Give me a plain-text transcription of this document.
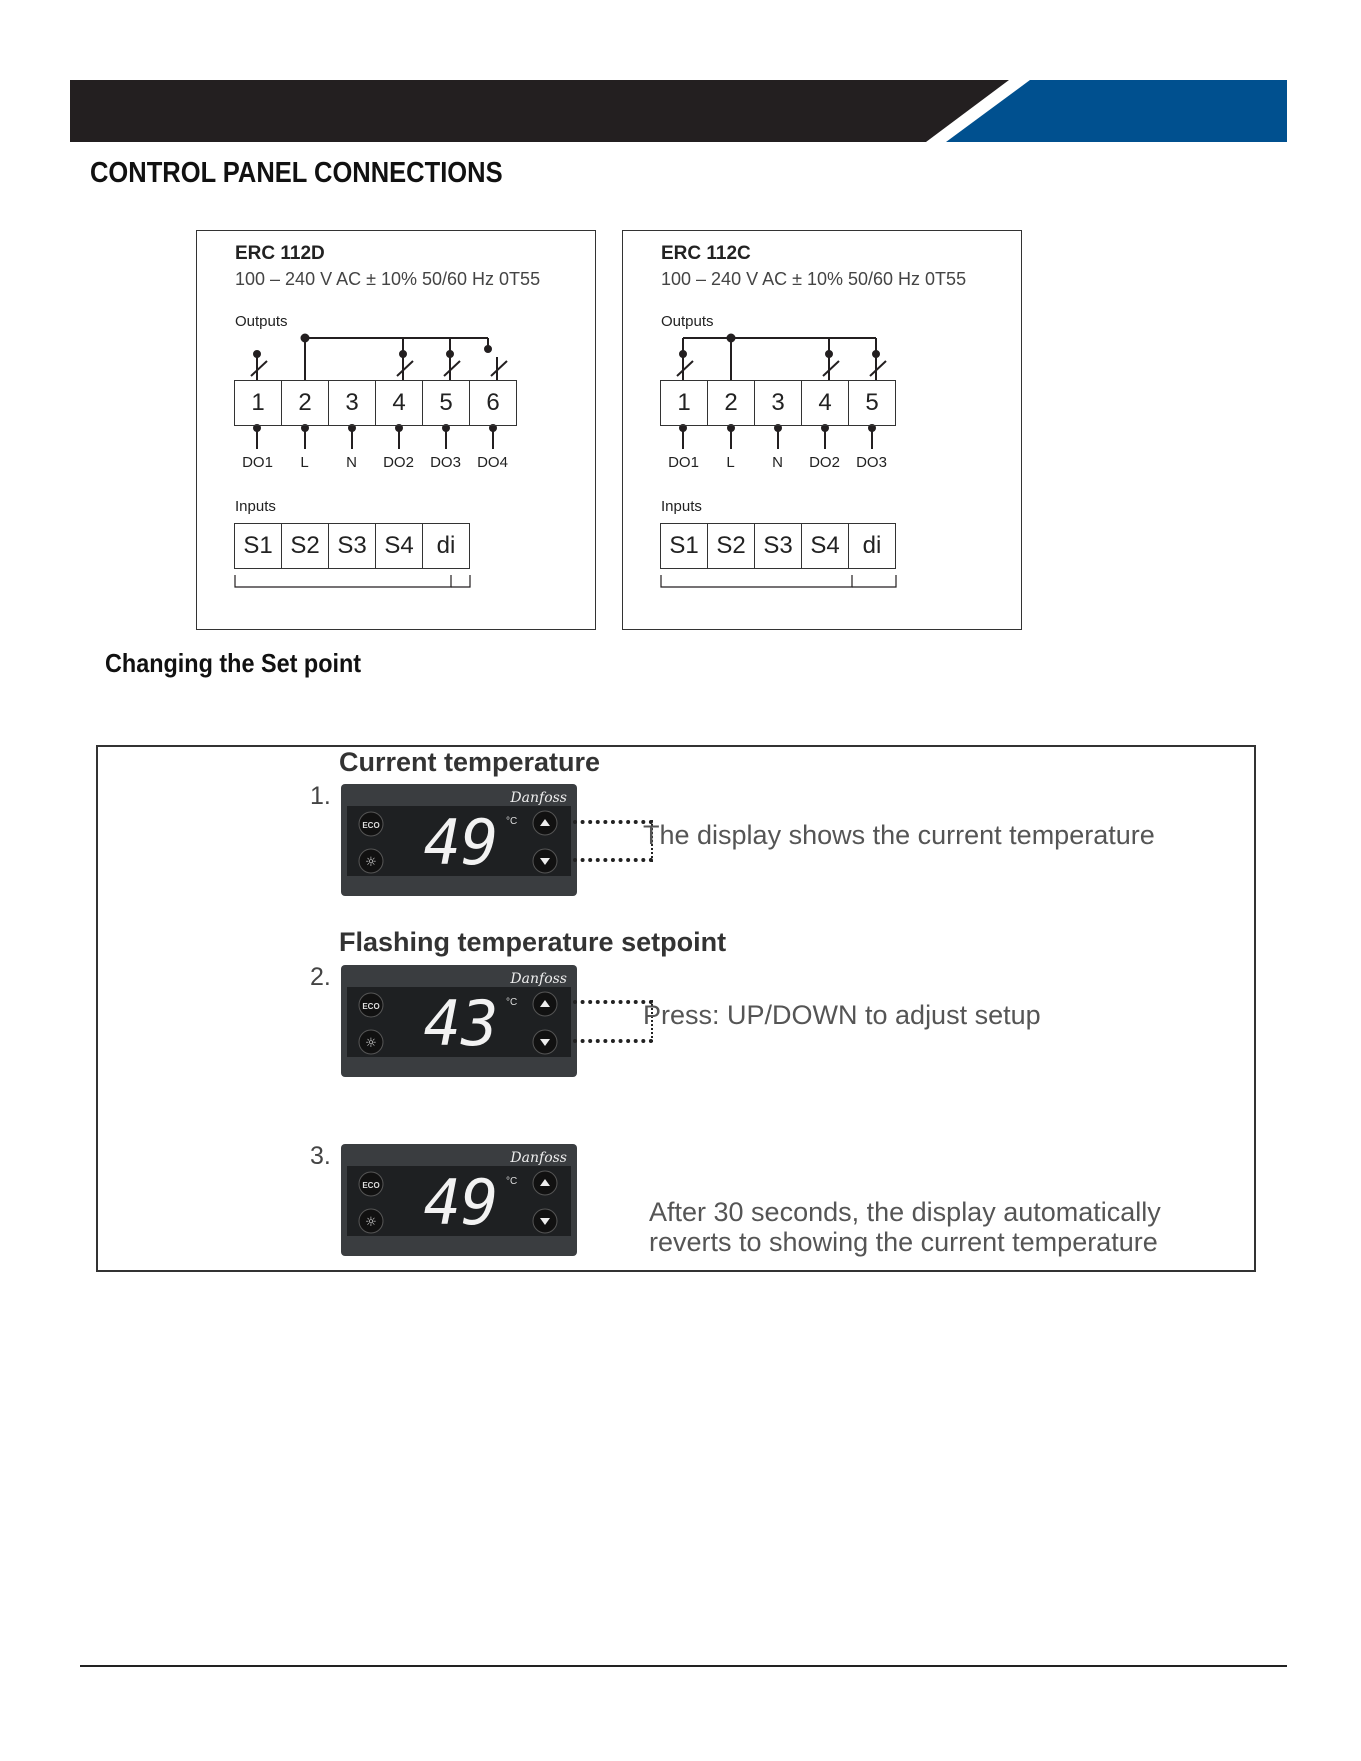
CONTROL PANEL CONNECTIONS
ERC 112D
100 – 240 V AC ± 10% 50/60 Hz 0T55
Outputs
1	2	3	4	5	6
DO1	L	N	DO2	DO3	DO4
Inputs
S1 S2 S3 S4 di
ERC 112C
100 – 240 V AC ± 10% 50/60 Hz 0T55
Outputs
1	2	3	4	5
DO1	L	N	DO2	DO3
Inputs
S1 S2 S3 S4 di
Changing the Set point
Current temperature
1.
ECO
☼ 49 °C
Danfoss
The display shows the current temperature
Flashing temperature setpoint
2.
ECO
☼ 43 °C
Danfoss
Press: UP/DOWN to adjust setup
3.
ECO
☼ 49 °C
Danfoss
After 30 seconds, the display automatically
reverts to showing the current temperature
